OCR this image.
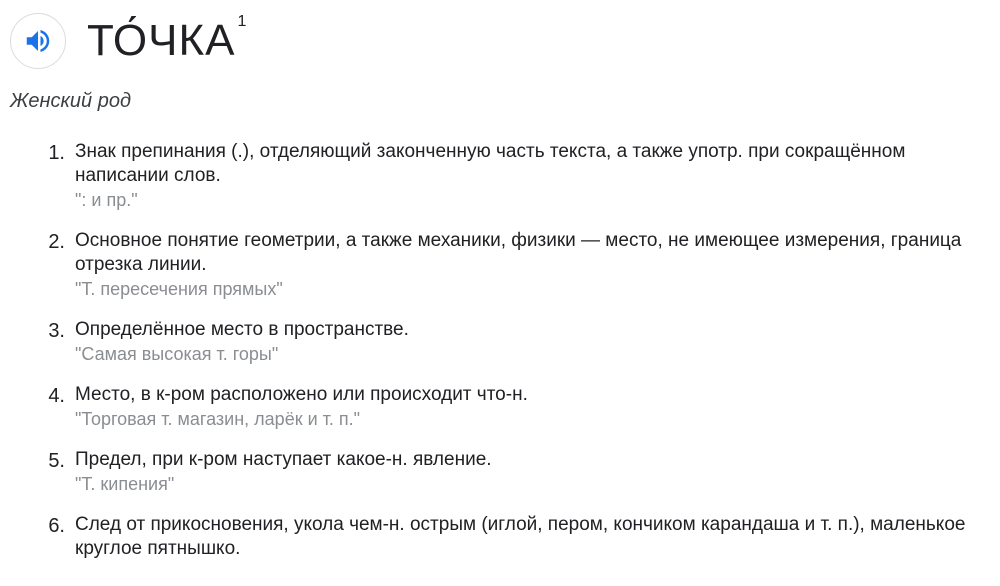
ТО́ЧКА 1
Женский род
1. Знак препинания (.), отделяющий законченную часть текста, а также употр. при сокращённом написании слов.
": и пр."
2. Основное понятие геометрии, а также механики, физики — место, не имеющее измерения, граница отрезка линии.
"Т. пересечения прямых"
3. Определённое место в пространстве.
"Самая высокая т. горы"
4. Место, в к-ром расположено или происходит что-н.
"Торговая т. магазин, ларёк и т. п."
5. Предел, при к-ром наступает какое-н. явление.
"Т. кипения"
6. След от прикосновения, укола чем-н. острым (иглой, пером, кончиком карандаша и т. п.), маленькое круглое пятнышко.
